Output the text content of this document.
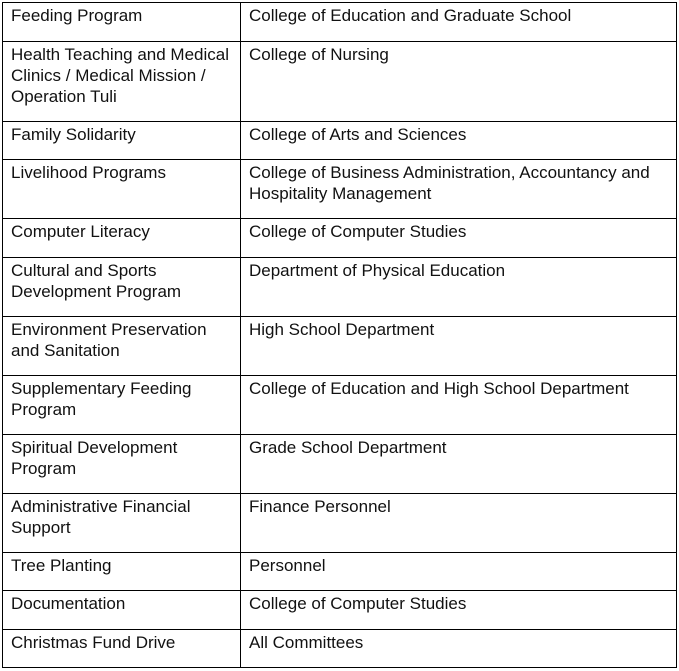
Feeding Program	College of Education and Graduate School
Health Teaching and Medical Clinics / Medical Mission / Operation Tuli	College of Nursing
Family Solidarity	College of Arts and Sciences
Livelihood Programs	College of Business Administration, Accountancy and Hospitality Management
Computer Literacy	College of Computer Studies
Cultural and Sports Development Program	Department of Physical Education
Environment Preservation and Sanitation	High School Department
Supplementary Feeding Program	College of Education and High School Department
Spiritual Development Program	Grade School Department
Administrative Financial Support	Finance Personnel
Tree Planting	Personnel
Documentation	College of Computer Studies
Christmas Fund Drive	All Committees
